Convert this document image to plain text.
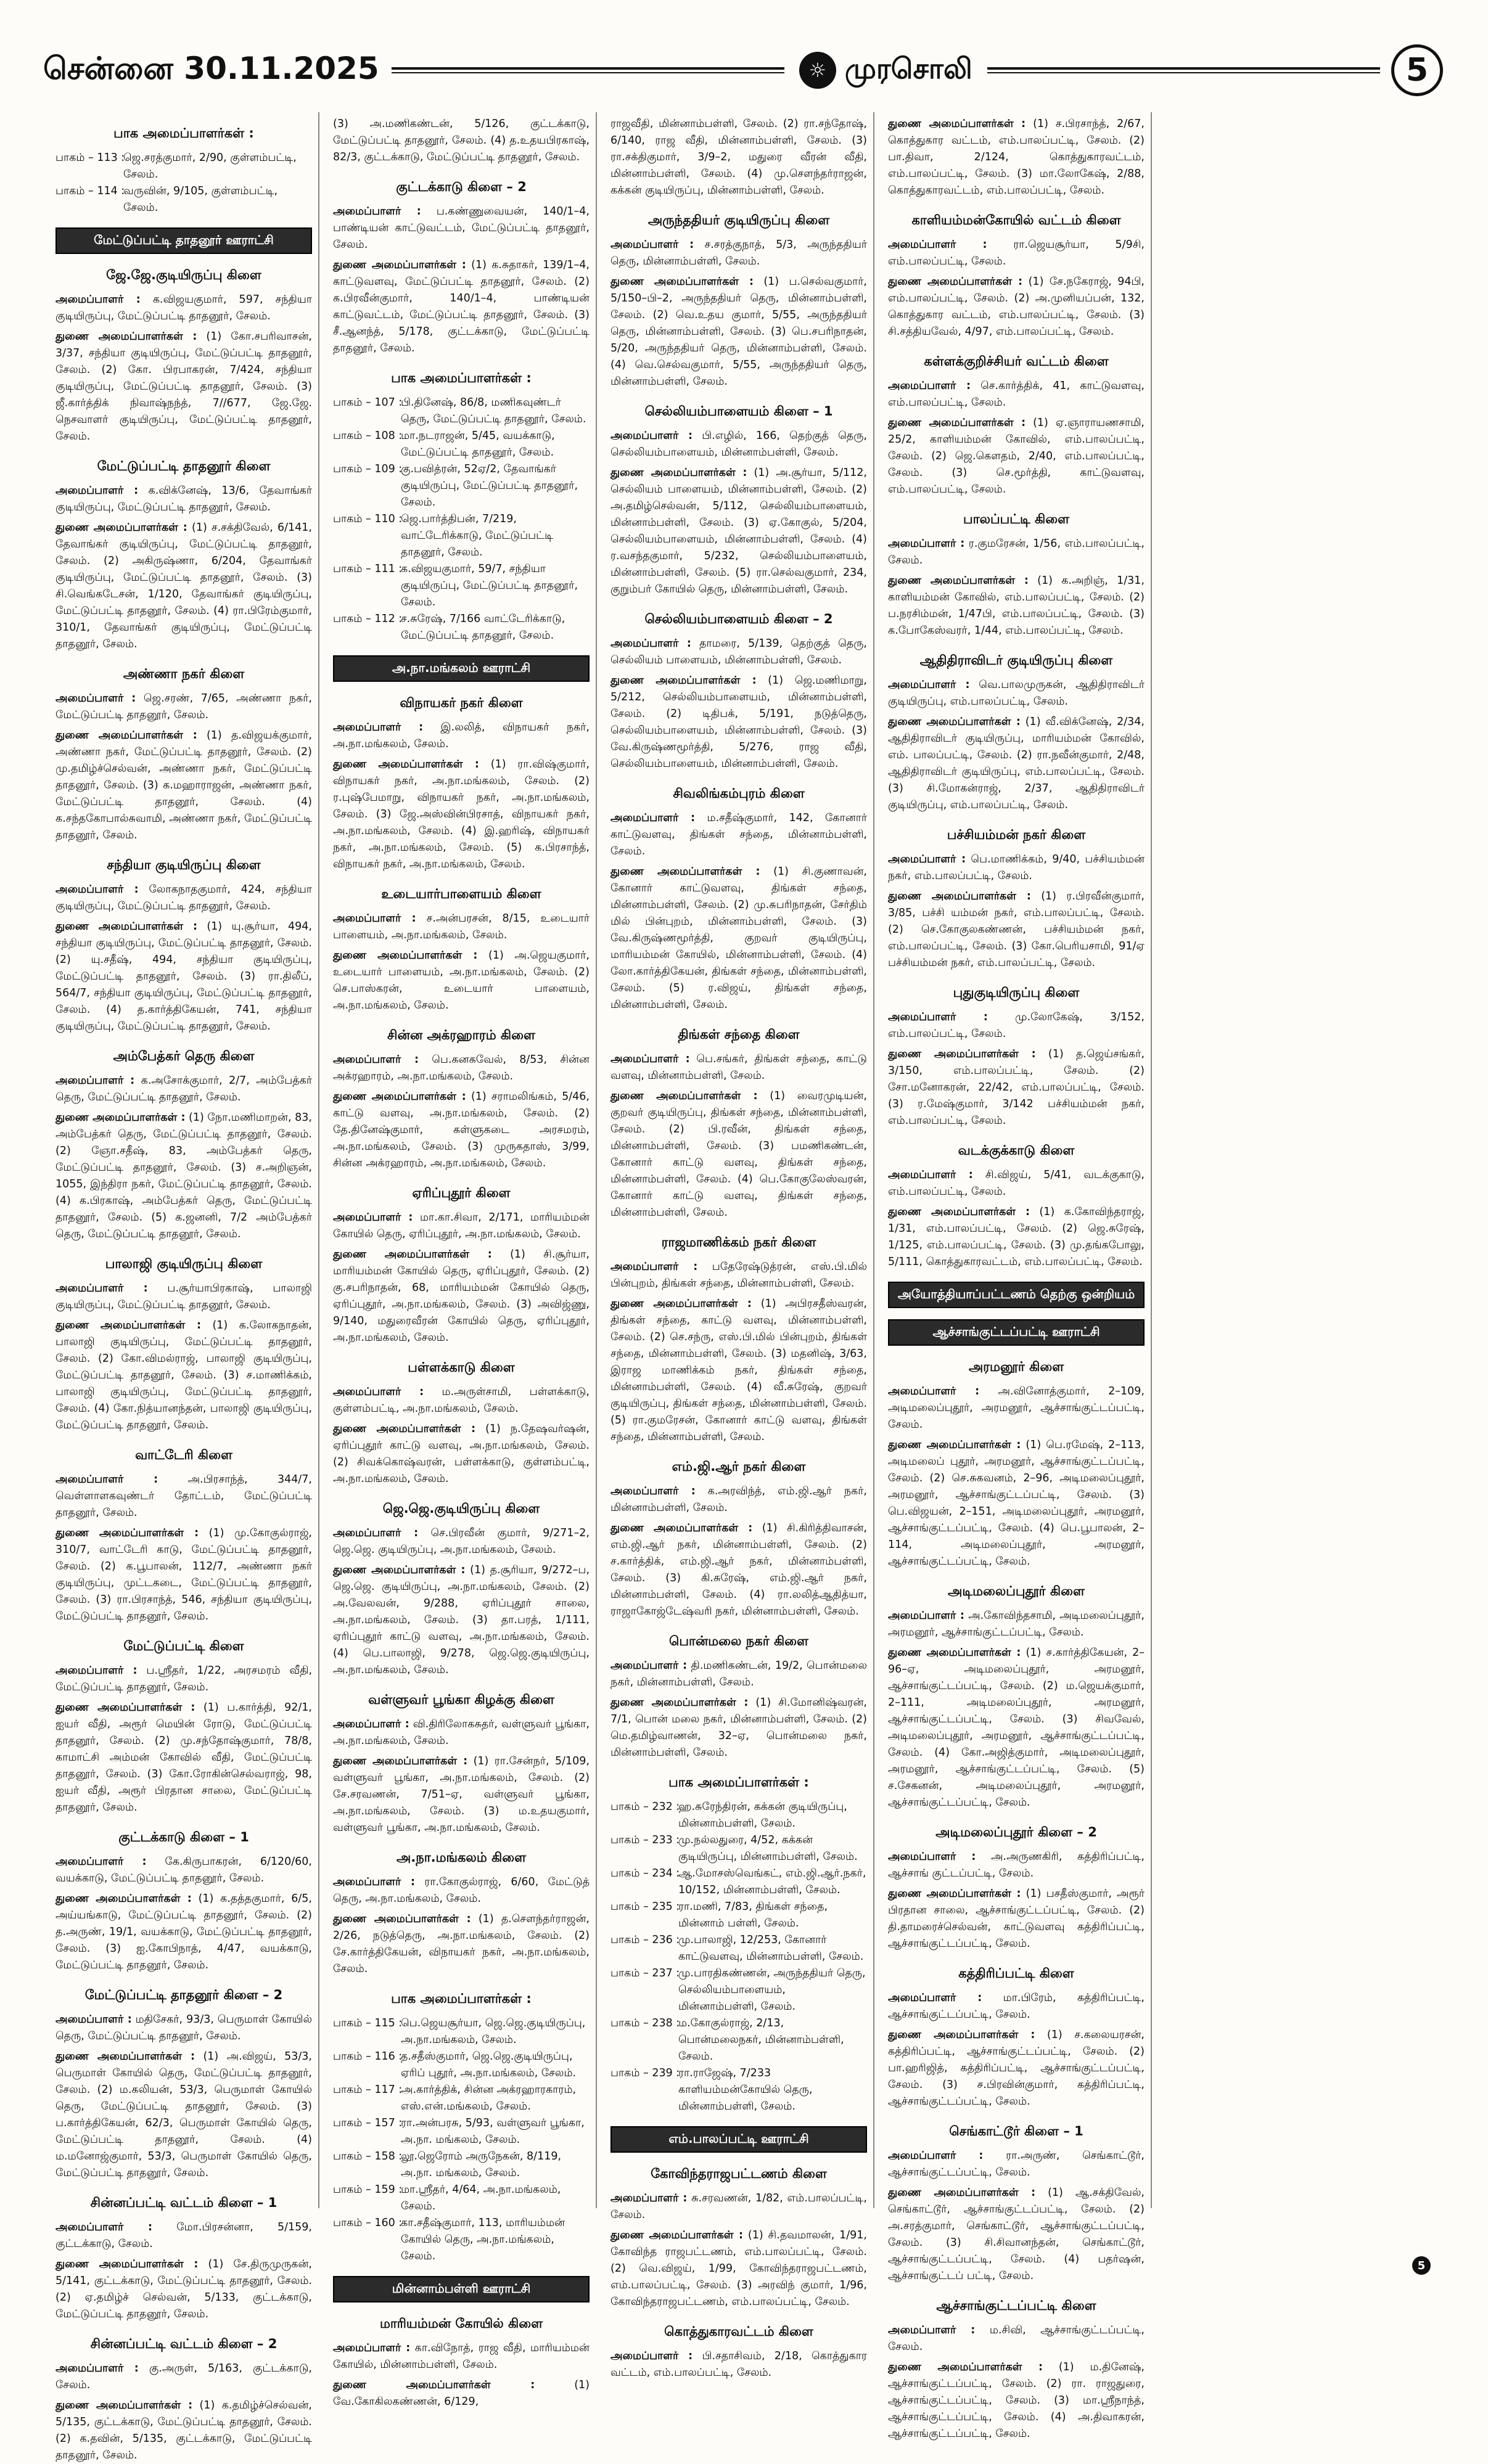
சென்னை 30.11.2025	☼ முரசொலி	5
பாக அமைப்பாளர்கள் :
பாகம் – 113 :
ஜெ.சரத்குமார், 2/90, குள்ளம்பட்டி, சேலம்.
பாகம் – 114 :
வருவின், 9/105, குள்ளம்பட்டி, சேலம்.
மேட்டுப்பட்டி தாதனூர் ஊராட்சி
ஜே.ஜே.குடியிருப்பு கிளை
அமைப்பாளர் : க.விஜயகுமார், 597, சந்தியா குடியிருப்பு, மேட்டுப்பட்டி தாதனூர், சேலம்.
துணை அமைப்பாளர்கள் : (1) கோ.சபரிவாசன், 3/37, சந்தியா குடியிருப்பு, மேட்டுப்பட்டி தாதனூர், சேலம். (2) கோ. பிரபாகரன், 7/424, சந்தியா குடியிருப்பு, மேட்டுப்பட்டி தாதனூர், சேலம். (3) ஜீ.கார்த்திக் நிவாஷ்நந்த், 7//677, ஜே.ஜே. நெசவாளர் குடியிருப்பு, மேட்டுப்பட்டி தாதனூர், சேலம்.
மேட்டுப்பட்டி தாதனூர் கிளை
அமைப்பாளர் : க.விக்னேஷ், 13/6, தேவாங்கர் குடியிருப்பு, மேட்டுப்பட்டி தாதனூர், சேலம்.
துணை அமைப்பாளர்கள் : (1) ச.சக்திவேல், 6/141, தேவாங்கர் குடியிருப்பு, மேட்டுப்பட்டி தாதனூர், சேலம். (2) அகிருஷ்ணா, 6/204, தேவாங்கர் குடியிருப்பு, மேட்டுப்பட்டி தாதனூர், சேலம். (3) சி.வெங்கடேசன், 1/120, தேவாங்கர் குடியிருப்பு, மேட்டுப்பட்டி தாதனூர், சேலம். (4) ரா.பிரேம்குமார், 310/1, தேவாங்கர் குடியிருப்பு, மேட்டுப்பட்டி தாதனூர், சேலம்.
அண்ணா நகர் கிளை
அமைப்பாளர் : ஜெ.சரண், 7/65, அண்ணா நகர், மேட்டுப்பட்டி தாதனூர், சேலம்.
துணை அமைப்பாளர்கள் : (1) த.விஜயக்குமார், அண்ணா நகர், மேட்டுப்பட்டி தாதனூர், சேலம். (2) மு.தமிழ்ச்செல்வன், அண்ணா நகர், மேட்டுப்பட்டி தாதனூர், சேலம். (3) க.மஹாராஜன், அண்ணா நகர், மேட்டுப்பட்டி தாதனூர், சேலம். (4) க.சந்தகோபால்சுவாமி, அண்ணா நகர், மேட்டுப்பட்டி தாதனூர், சேலம்.
சந்தியா குடியிருப்பு கிளை
அமைப்பாளர் : லோகநாதகுமார், 424, சந்தியா குடியிருப்பு, மேட்டுப்பட்டி தாதனூர், சேலம்.
துணை அமைப்பாளர்கள் : (1) யு.சூர்யா, 494, சந்தியா குடியிருப்பு, மேட்டுப்பட்டி தாதனூர், சேலம். (2) யு.சதீஷ், 494, சந்தியா குடியிருப்பு, மேட்டுப்பட்டி தாதனூர், சேலம். (3) ரா.திலீப், 564/7, சந்தியா குடியிருப்பு, மேட்டுப்பட்டி தாதனூர், சேலம். (4) த.கார்த்திகேயன், 741, சந்தியா குடியிருப்பு, மேட்டுப்பட்டி தாதனூர், சேலம்.
அம்பேத்கர் தெரு கிளை
அமைப்பாளர் : க.அசோக்குமார், 2/7, அம்பேத்கர் தெரு, மேட்டுப்பட்டி தாதனூர், சேலம்.
துணை அமைப்பாளர்கள் : (1) நோ.மணிமாறன், 83, அம்பேத்கர் தெரு, மேட்டுப்பட்டி தாதனூர், சேலம். (2) ஞோ.சதீஷ், 83, அம்பேத்கர் தெரு, மேட்டுப்பட்டி தாதனூர், சேலம். (3) ச.அறிஞன், 1055, இந்திரா நகர், மேட்டுப்பட்டி தாதனூர், சேலம். (4) க.பிரகாஷ், அம்பேத்கர் தெரு, மேட்டுப்பட்டி தாதனூர், சேலம். (5) க.ஜனனி, 7/2 அம்பேத்கர் தெரு, மேட்டுப்பட்டி தாதனூர், சேலம்.
பாலாஜி குடியிருப்பு கிளை
அமைப்பாளர் : ப.சூர்யாபிரகாஷ், பாலாஜி குடியிருப்பு, மேட்டுப்பட்டி தாதனூர், சேலம்.
துணை அமைப்பாளர்கள் : (1) க.லோகநாதன், பாலாஜி குடியிருப்பு, மேட்டுப்பட்டி தாதனூர், சேலம். (2) கோ.விமல்ராஜ், பாலாஜி குடியிருப்பு, மேட்டுப்பட்டி தாதனூர், சேலம். (3) ச.மாணிக்கம், பாலாஜி குடியிருப்பு, மேட்டுப்பட்டி தாதனூர், சேலம். (4) கோ.நித்யானந்தன், பாலாஜி குடியிருப்பு, மேட்டுப்பட்டி தாதனூர், சேலம்.
வாட்டேரி கிளை
அமைப்பாளர் :	அ.பிரசாந்த், 344/7, வெள்ளாளகவுண்டர் தோட்டம், மேட்டுப்பட்டி தாதனூர், சேலம்.
துணை அமைப்பாளர்கள் : (1) மு.கோகுல்ராஜ், 310/7, வாட்டேரி காடு, மேட்டுப்பட்டி தாதனூர், சேலம். (2) க.பூபாலன், 112/7, அண்ணா நகர் குடியிருப்பு, முட்டகடை, மேட்டுப்பட்டி தாதனூர், சேலம். (3) ரா.பிரசாந்த், 546, சந்தியா குடியிருப்பு, மேட்டுப்பட்டி தாதனூர், சேலம்.
மேட்டுப்பட்டி கிளை
அமைப்பாளர் : ப.ஸ்ரீதர், 1/22, அரசமரம் வீதி, மேட்டுப்பட்டி தாதனூர், சேலம்.
துணை அமைப்பாளர்கள் : (1) ப.கார்த்தி, 92/1, ஐயர் வீதி, அரூர் மெயின் ரோடு, மேட்டுப்பட்டி தாதனூர், சேலம். (2) மு.சந்தோஷ்குமார், 78/8, காமாட்சி அம்மன் கோவில் வீதி, மேட்டுப்பட்டி தாதனூர், சேலம். (3) கோ.ரோகின்செல்வராஜ், 98, ஐயர் வீதி, அரூர் பிரதான சாலை, மேட்டுப்பட்டி தாதனூர், சேலம்.
குட்டக்காடு கிளை – 1
அமைப்பாளர் : கே.கிருபாகரன், 6/120/60, வயக்காடு, மேட்டுப்பட்டி தாதனூர், சேலம்.
துணை அமைப்பாளர்கள் : (1) க.தத்தகுமார், 6/5, அய்யங்காடு, மேட்டுப்பட்டி தாதனூர், சேலம். (2) த.அருண், 19/1, வயக்காடு, மேட்டுப்பட்டி தாதனூர், சேலம். (3) ஐ.கோபிநாத், 4/47, வயக்காடு, மேட்டுப்பட்டி தாதனூர், சேலம்.
மேட்டுப்பட்டி தாதனூர் கிளை – 2
அமைப்பாளர் : மதிசேகர், 93/3, பெருமாள் கோயில் தெரு, மேட்டுப்பட்டி தாதனூர், சேலம்.
துணை அமைப்பாளர்கள் : (1) அ.விஜய், 53/3, பெருமாள் கோயில் தெரு, மேட்டுப்பட்டி தாதனூர், சேலம். (2) ம.கலியன், 53/3, பெருமாள் கோயில் தெரு, மேட்டுப்பட்டி தாதனூர், சேலம். (3) ப.கார்த்திகேயன், 62/3, பெருமாள் கோயில் தெரு, மேட்டுப்பட்டி தாதனூர், சேலம். (4) ம.மனோஜ்குமார், 53/3, பெருமாள் கோயில் தெரு, மேட்டுப்பட்டி தாதனூர், சேலம்.
சின்னப்பட்டி வட்டம் கிளை – 1
அமைப்பாளர் : மோ.பிரசன்னா, 5/159, குட்டக்காடு, சேலம்.
துணை அமைப்பாளர்கள் : (1) சே.திருமுருகன், 5/141, குட்டக்காடு, மேட்டுப்பட்டி தாதனூர், சேலம். (2) ஏ.தமிழ்ச் செல்வன், 5/133, குட்டக்காடு, மேட்டுப்பட்டி தாதனூர், சேலம்.
சின்னப்பட்டி வட்டம் கிளை – 2
அமைப்பாளர் : கு.அருள், 5/163, குட்டக்காடு, சேலம்.
துணை அமைப்பாளர்கள் : (1) க.தமிழ்ச்செல்வன், 5/135, குட்டக்காடு, மேட்டுப்பட்டி தாதனூர், சேலம். (2) க.தவின், 5/135, குட்டக்காடு, மேட்டுப்பட்டி தாதனூர், சேலம்.
(3) அ.மணிகண்டன், 5/126, குட்டக்காடு, மேட்டுப்பட்டி தாதனூர், சேலம். (4) த.உதயபிரகாஷ், 82/3, குட்டக்காடு, மேட்டுப்பட்டி தாதனூர், சேலம்.
குட்டக்காடு கிளை – 2
அமைப்பாளர் : ப.கண்ணுவையன், 140/1–4, பாண்டியன் காட்டுவட்டம், மேட்டுப்பட்டி தாதனூர், சேலம்.
துணை அமைப்பாளர்கள் : (1) க.சுதாகர், 139/1–4, காட்டுவளவு, மேட்டுப்பட்டி தாதனூர், சேலம். (2) க.பிரவீன்குமார், 140/1–4, பாண்டியன் காட்டுவட்டம், மேட்டுப்பட்டி தாதனூர், சேலம். (3) சீ.ஆனந்த், 5/178, குட்டக்காடு, மேட்டுப்பட்டி தாதனூர், சேலம்.
பாக அமைப்பாளர்கள் :
பாகம் – 107 :
பி.தினேஷ், 86/8, மணிகவுண்டர் தெரு, மேட்டுப்பட்டி தாதனூர், சேலம்.
பாகம் – 108 :
மா.நடராஜன், 5/45, வயக்காடு, மேட்டுப்பட்டி தாதனூர், சேலம்.
பாகம் – 109 :
கு.பவித்ரன், 52ஏ/2, தேவாங்கர் குடியிருப்பு, மேட்டுப்பட்டி தாதனூர், சேலம்.
பாகம் – 110 :
ஜெ.பார்த்திபன், 7/219, வாட்டேரிக்காடு, மேட்டுப்பட்டி தாதனூர், சேலம்.
பாகம் – 111 :
க.விஜயகுமார், 59/7, சந்தியா குடியிருப்பு, மேட்டுப்பட்டி தாதனூர், சேலம்.
பாகம் – 112 :
ச.சுரேஷ், 7/166 வாட்டேரிக்காடு, மேட்டுப்பட்டி தாதனூர், சேலம்.
அ.நா.மங்கலம் ஊராட்சி
விநாயகர் நகர் கிளை
அமைப்பாளர் : இ.லலித், விநாயகர் நகர், அ.நா.மங்கலம், சேலம்.
துணை அமைப்பாளர்கள் : (1) ரா.விஷ்குமார், விநாயகர் நகர், அ.நா.மங்கலம், சேலம். (2) ர.புஷ்பேமாறு, விநாயகர் நகர், அ.நா.மங்கலம், சேலம். (3) ஜே.அஸ்வின்பிரசாத், விநாயகர் நகர், அ.நா.மங்கலம், சேலம். (4) இ.ஹரிஷ், விநாயகர் நகர், அ.நா.மங்கலம், சேலம். (5) க.பிரசாந்த், விநாயகர் நகர், அ.நா.மங்கலம், சேலம்.
உடையார்பாளையம் கிளை
அமைப்பாளர் : ச.அன்பரசன், 8/15, உடையார் பாளையம், அ.நா.மங்கலம், சேலம்.
துணை அமைப்பாளர்கள் : (1) அ.ஜெயகுமார், உடையார் பாளையம், அ.நா.மங்கலம், சேலம். (2) செ.பாஸ்கரன், உடையார் பாளையம், அ.நா.மங்கலம், சேலம்.
சின்ன அக்ரஹாரம் கிளை
அமைப்பாளர் : பெ.கனகவேல், 8/53, சின்ன அக்ரஹாரம், அ.நா.மங்கலம், சேலம்.
துணை அமைப்பாளர்கள் : (1) சராமலிங்கம், 5/46, காட்டு வளவு, அ.நா.மங்கலம், சேலம். (2) தே.தினேஷ்குமார், கள்ளுகடை அரசமரம், அ.நா.மங்கலம், சேலம். (3) முருகதாஸ், 3/99, சின்ன அக்ரஹாரம், அ.நா.மங்கலம், சேலம்.
ஏரிப்புதூர் கிளை
அமைப்பாளர் : மா.கா.சிவா, 2/171, மாரியம்மன் கோயில் தெரு, ஏரிப்புதூர், அ.நா.மங்கலம், சேலம்.
துணை அமைப்பாளர்கள் : (1) சி.சூர்யா, மாரியம்மன் கோயில் தெரு, ஏரிப்புதூர், சேலம். (2) கு.சபரிநாதன், 68, மாரியம்மன் கோயில் தெரு, ஏரிப்புதூர், அ.நா.மங்கலம், சேலம். (3) அவிஜ்ணு, 9/140, மதுரைவீரன் கோயில் தெரு, ஏரிப்புதூர், அ.நா.மங்கலம், சேலம்.
பள்ளக்காடு கிளை
அமைப்பாளர் : ம.அருள்சாமி, பள்ளக்காடு, குள்ளம்பட்டி, அ.நா.மங்கலம், சேலம்.
துணை அமைப்பாளர்கள் : (1) ந.தேஷவர்ஷன், ஏரிப்புதூர் காட்டு வளவு, அ.நா.மங்கலம், சேலம். (2) சிவக்கொஷ்வரன், பள்ளக்காடு, குள்ளம்பட்டி, அ.நா.மங்கலம், சேலம்.
ஜெ.ஜெ.குடியிருப்பு கிளை
அமைப்பாளர் : செ.பிரவீன் குமார், 9/271–2, ஜெ.ஜெ. குடியிருப்பு, அ.நா.மங்கலம், சேலம்.
துணை அமைப்பாளர்கள் : (1) த.சூரியா, 9/272–ப, ஜெ.ஜெ. குடியிருப்பு, அ.நா.மங்கலம், சேலம். (2) அ.வேலவன், 9/288, ஏரிப்புதூர் சாலை, அ.நா.மங்கலம், சேலம். (3) தா.பரத், 1/111, ஏரிப்புதூர் காட்டு வளவு, அ.நா.மங்கலம், சேலம். (4) பெ.பாலாஜி, 9/278, ஜெ.ஜெ.குடியிருப்பு, அ.நா.மங்கலம், சேலம்.
வள்ளுவர் பூங்கா கிழக்கு கிளை
அமைப்பாளர் : வி.திரிலோகசுதர், வள்ளுவர் பூங்கா, அ.நா.மங்கலம், சேலம்.
துணை அமைப்பாளர்கள் : (1) ரா.சேன்நர், 5/109, வள்ளுவர் பூங்கா, அ.நா.மங்கலம், சேலம். (2) சே.சரவணன், 7/51–ஏ, வள்ளுவர் பூங்கா, அ.நா.மங்கலம், சேலம். (3) ம.உதயகுமார், வள்ளுவர் பூங்கா, அ.நா.மங்கலம், சேலம்.
அ.நா.மங்கலம் கிளை
அமைப்பாளர் : ரா.கோகுல்ராஜ், 6/60, மேட்டுத் தெரு, அ.நா.மங்கலம், சேலம்.
துணை அமைப்பாளர்கள் : (1) த.செளந்தர்ராஜன், 2/26, நடுத்தெரு, அ.நா.மங்கலம், சேலம். (2) சே.கார்த்திகேயன், விநாயகர் நகர், அ.நா.மங்கலம், சேலம்.
பாக அமைப்பாளர்கள் :
பாகம் – 115 :
பெ.ஜெயசூர்யா, ஜெ.ஜெ.குடியிருப்பு, அ.நா.மங்கலம், சேலம்.
பாகம் – 116 :
த.சதீஸ்குமார், ஜெ.ஜெ.குடியிருப்பு, ஏரிப் புதூர், அ.நா.மங்கலம், சேலம்.
பாகம் – 117 :
அ.கார்த்திக், சின்ன அக்ரஹாரகாரம், எஸ்.என்.மங்கலம், சேலம்.
பாகம் – 157 :
ரா.அன்பரசு, 5/93, வள்ளுவர் பூங்கா, அ.நா. மங்கலம், சேலம்.
பாகம் – 158 :
லூ.ஜெரோம் அருநேகன், 8/119, அ.நா. மங்கலம், சேலம்.
பாகம் – 159 :
மா.ஸ்ரீதர், 4/64, அ.நா.மங்கலம், சேலம்.
பாகம் – 160 :
கா.சதீஷ்குமார், 113, மாரியம்மன் கோயில் தெரு, அ.நா.மங்கலம், சேலம்.
மின்னாம்பள்ளி ஊராட்சி
மாரியம்மன் கோயில் கிளை
அமைப்பாளர் : கா.விநோத், ராஜ வீதி, மாரியம்மன் கோயில், மின்னாம்பள்ளி, சேலம்.
துணை அமைப்பாளர்கள் :	(1) வே.கோகிலகண்ணன், 6/129,
ராஜவீதி, மின்னாம்பள்ளி, சேலம். (2) ரா.சந்தோஷ், 6/140, ராஜ வீதி, மின்னாம்பள்ளி, சேலம். (3) ரா.சக்திகுமார், 3/9–2, மதுரை வீரன் வீதி, மின்னாம்பள்ளி, சேலம். (4) மு.செளந்தர்ராஜன், கக்கன் குடியிருப்பு, மின்னாம்பள்ளி, சேலம்.
அருந்ததியர் குடியிருப்பு கிளை
அமைப்பாளர் : ச.சரத்குநாத், 5/3, அருந்ததியர் தெரு, மின்னாம்பள்ளி, சேலம்.
துணை அமைப்பாளர்கள் : (1) ப.செல்வகுமார், 5/150–பி–2, அருந்ததியர் தெரு, மின்னாம்பள்ளி, சேலம். (2) வெ.உதய குமார், 5/55, அருந்ததியர் தெரு, மின்னாம்பள்ளி, சேலம். (3) பெ.சபரிநாதன், 5/20, அருந்ததியர் தெரு, மின்னாம்பள்ளி, சேலம். (4) வெ.செல்வகுமார், 5/55, அருந்ததியர் தெரு, மின்னாம்பள்ளி, சேலம்.
செல்லியம்பாளையம் கிளை – 1
அமைப்பாளர் : பி.எழில், 166, தெற்குத் தெரு, செல்லியம்பாளையம், மின்னாம்பள்ளி, சேலம்.
துணை அமைப்பாளர்கள் : (1) அ.சூர்யா, 5/112, செல்லியம் பாளையம், மின்னாம்பள்ளி, சேலம். (2) அ.தமிழ்செல்வன், 5/112, செல்லியம்பாளையம், மின்னாம்பள்ளி, சேலம். (3) ஏ.கோகுல், 5/204, செல்லியம்பாளையம், மின்னாம்பள்ளி, சேலம். (4) ர.வசந்தகுமார், 5/232, செல்லியம்பாளையம், மின்னாம்பள்ளி, சேலம். (5) ரா.செல்வகுமார், 234, குறும்பர் கோயில் தெரு, மின்னாம்பள்ளி, சேலம்.
செல்லியம்பாளையம் கிளை – 2
அமைப்பாளர் : தாமரை, 5/139, தெற்குத் தெரு, செல்லியம் பாளையம், மின்னாம்பள்ளி, சேலம்.
துணை அமைப்பாளர்கள் : (1) ஜெ.மணிமாறு, 5/212, செல்லியம்பாளையம், மின்னாம்பள்ளி, சேலம். (2) டிதிபக், 5/191, நடுத்தெரு, செல்லியம்பாளையம், மின்னாம்பள்ளி, சேலம். (3) வே.கிருஷ்ணமூர்த்தி, 5/276, ராஜ வீதி, செல்லியம்பாளையம், மின்னாம்பள்ளி, சேலம்.
சிவலிங்கம்புரம் கிளை
அமைப்பாளர் : ம.சதீஷ்குமார், 142, கோனார் காட்டுவளவு, திங்கள் சந்தை, மின்னாம்பள்ளி, சேலம்.
துணை அமைப்பாளர்கள் : (1) சி.குணாவன், கோனார் காட்டுவளவு, திங்கள் சந்தை, மின்னாம்பள்ளி, சேலம். (2) மு.சுபரிநாதன், சேர்திம் மில் பின்புறம், மின்னாம்பள்ளி, சேலம். (3) வே.கிருஷ்ணமூர்த்தி, குறவர் குடியிருப்பு, மாரியம்மன் கோயில், மின்னாம்பள்ளி, சேலம். (4) லோ.கார்த்திகேயன், திங்கள் சந்தை, மின்னாம்பள்ளி, சேலம். (5) ர.விஜய், திங்கள் சந்தை, மின்னாம்பள்ளி, சேலம்.
திங்கள் சந்தை கிளை
அமைப்பாளர் : பெ.சங்கர், திங்கள் சந்தை, காட்டு வளவு, மின்னாம்பள்ளி, சேலம்.
துணை அமைப்பாளர்கள் : (1) வைரமுடியன், குறவர் குடியிருப்பு, திங்கள் சந்தை, மின்னாம்பள்ளி, சேலம். (2) பி.ரவீன், திங்கள் சந்தை, மின்னாம்பள்ளி, சேலம். (3) பமணிகண்டன், கோனார் காட்டு வளவு, திங்கள் சந்தை, மின்னாம்பள்ளி, சேலம். (4) பெ.கோகுலேஸ்வரன், கோனார் காட்டு வளவு, திங்கள் சந்தை, மின்னாம்பள்ளி, சேலம்.
ராஜமாணிக்கம் நகர் கிளை
அமைப்பாளர் : பதேரேஷ்டுத்ரன், எஸ்.பி.மில் பின்புறம், திங்கள் சந்தை, மின்னாம்பள்ளி, சேலம்.
துணை அமைப்பாளர்கள் : (1) அபிரசதீஸ்வரன், திங்கள் சந்தை, காட்டு வளவு, மின்னாம்பள்ளி, சேலம். (2) செ.சந்ரு, எஸ்.பி.மில் பின்புறம், திங்கள் சந்தை, மின்னாம்பள்ளி, சேலம். (3) மதனிஷ், 3/63, இராஜ மாணிக்கம் நகர், திங்கள் சந்தை, மின்னாம்பள்ளி, சேலம். (4) வீ.சுரேஷ், குறவர் குடியிருப்பு, திங்கள் சந்தை, மின்னாம்பள்ளி, சேலம். (5) ரா.குமரேசன், கோனார் காட்டு வளவு, திங்கள் சந்தை, மின்னாம்பள்ளி, சேலம்.
எம்.ஜி.ஆர் நகர் கிளை
அமைப்பாளர் : க.அரவிந்த், எம்.ஜி.ஆர் நகர், மின்னாம்பள்ளி, சேலம்.
துணை அமைப்பாளர்கள் : (1) சி.கிரித்திவாசன், எம்.ஜி.ஆர் நகர், மின்னாம்பள்ளி, சேலம். (2) ச.கார்த்திக், எம்.ஜி.ஆர் நகர், மின்னாம்பள்ளி, சேலம். (3) கி.சுரேஷ், எம்.ஜி.ஆர் நகர், மின்னாம்பள்ளி, சேலம். (4) ரா.லலித்ஆதித்யா, ராஜாகோஜ்டேஷ்வரி நகர், மின்னாம்பள்ளி, சேலம்.
பொன்மலை நகர் கிளை
அமைப்பாளர் : தி.மணிகண்டன், 19/2, பொன்மலை நகர், மின்னாம்பள்ளி, சேலம்.
துணை அமைப்பாளர்கள் : (1) சி.மோனிஷ்வரன், 7/1, பொன் மலை நகர், மின்னாம்பள்ளி, சேலம். (2) மெ.தமிழ்வாணன், 32–ஏ, பொன்மலை நகர், மின்னாம்பள்ளி, சேலம்.
பாக அமைப்பாளர்கள் :
பாகம் – 232 :
ஹ.சுரேந்திரன், கக்கன் குடியிருப்பு, மின்னாம்பள்ளி, சேலம்.
பாகம் – 233 :
மு.நல்லதுரை, 4/52, கக்கன் குடியிருப்பு, மின்னாம்பள்ளி, சேலம்.
பாகம் – 234 :
ஆ.மோசஸ்வெங்கட், எம்.ஜி.ஆர்.நகர், 10/152, மின்னாம்பள்ளி, சேலம்.
பாகம் – 235 :
ரா.மணி, 7/83, திங்கள் சந்தை, மின்னாம் பள்ளி, சேலம்.
பாகம் – 236 :
மு.பாலாஜி, 12/253, கோனார் காட்டுவளவு, மின்னாம்பள்ளி, சேலம்.
பாகம் – 237 :
மு.பாரதிகண்ணன், அருந்ததியர் தெரு, செல்லியம்பாளையம், மின்னாம்பள்ளி, சேலம்.
பாகம் – 238 :
ம.கோகுல்ராஜ், 2/13, பொன்மலைநகர், மின்னாம்பள்ளி, சேலம்.
பாகம் – 239 :
ரா.ராஜேஷ், 7/233 காளியம்மன்கோயில் தெரு, மின்னாம்பள்ளி, சேலம்.
எம்.பாலப்பட்டி ஊராட்சி
கோவிந்தராஜபட்டணம் கிளை
அமைப்பாளர் : சு.சரவணன், 1/82, எம்.பாலப்பட்டி, சேலம்.
துணை அமைப்பாளர்கள் : (1) சி.தவமாலன், 1/91, கோவிந்த ராஜபட்டணம், எம்.பாலப்பட்டி, சேலம். (2) வெ.விஜய், 1/99, கோவிந்தராஜபட்டணம், எம்.பாலப்பட்டி, சேலம். (3) அரவிந் குமார், 1/96, கோவிந்தராஜபட்டணம், எம்.பாலப்பட்டி, சேலம்.
கொத்துகாரவட்டம் கிளை
அமைப்பாளர் : பி.சதாசிவம், 2/18, கொத்துகார வட்டம், எம்.பாலப்பட்டி, சேலம்.
துணை அமைப்பாளர்கள் : (1) ச.பிரசாந்த், 2/67, கொத்துகார வட்டம், எம்.பாலப்பட்டி, சேலம். (2) பா.திவா, 2/124, கொத்துகாரவட்டம், எம்.பாலப்பட்டி, சேலம். (3) மா.லோகேஷ், 2/88, கொத்துகாரவட்டம், எம்.பாலப்பட்டி, சேலம்.
காளியம்மன்கோயில் வட்டம் கிளை
அமைப்பாளர் : ரா.ஜெயசூர்யா, 5/9சி, எம்.பாலப்பட்டி, சேலம்.
துணை அமைப்பாளர்கள் : (1) சே.நகேராஜ், 94பி, எம்.பாலப்பட்டி, சேலம். (2) அ.முனியப்பன், 132, கொத்துகார வட்டம், எம்.பாலப்பட்டி, சேலம். (3) சி.சத்தியவேல், 4/97, எம்.பாலப்பட்டி, சேலம்.
கள்ளக்குறிச்சியர் வட்டம் கிளை
அமைப்பாளர் : செ.கார்த்திக், 41, காட்டுவளவு, எம்.பாலப்பட்டி, சேலம்.
துணை அமைப்பாளர்கள் : (1) ஏ.ஞாராயணசாமி, 25/2, காளியம்மன் கோவில், எம்.பாலப்பட்டி, சேலம். (2) ஜெ.கௌதம், 2/40, எம்.பாலப்பட்டி, சேலம். (3) செ.மூர்த்தி, காட்டுவளவு, எம்.பாலப்பட்டி, சேலம்.
பாலப்பட்டி கிளை
அமைப்பாளர் : ர.குமரேசன், 1/56, எம்.பாலப்பட்டி, சேலம்.
துணை அமைப்பாளர்கள் : (1) க.அறிஞ், 1/31, காளியம்மன் கோவில், எம்.பாலப்பட்டி, சேலம். (2) ப.நரசிம்மன், 1/47பி, எம்.பாலப்பட்டி, சேலம். (3) க.போகேஸ்வரர், 1/44, எம்.பாலப்பட்டி, சேலம்.
ஆதிதிராவிடர் குடியிருப்பு கிளை
அமைப்பாளர் : வெ.பாலமுருகன், ஆதிதிராவிடர் குடியிருப்பு, எம்.பாலப்பட்டி, சேலம்.
துணை அமைப்பாளர்கள் : (1) வீ.விக்னேஷ், 2/34, ஆதிதிராவிடர் குடியிருப்பு, மாரியம்மன் கோவில், எம். பாலப்பட்டி, சேலம். (2) ரா.நவீன்குமார், 2/48, ஆதிதிராவிடர் குடியிருப்பு, எம்.பாலப்பட்டி, சேலம். (3) சி.மோகன்ராஜ், 2/37, ஆதிதிராவிடர் குடியிருப்பு, எம்.பாலப்பட்டி, சேலம்.
பச்சியம்மன் நகர் கிளை
அமைப்பாளர் : பெ.மாணிக்கம், 9/40, பச்சியம்மன் நகர், எம்.பாலப்பட்டி, சேலம்.
துணை அமைப்பாளர்கள் : (1) ர.பிரவீன்குமார், 3/85, பச்சி யம்மன் நகர், எம்.பாலப்பட்டி, சேலம். (2) செ.கோகுலகண்ணன், பச்சியம்மன் நகர், எம்.பாலப்பட்டி, சேலம். (3) கோ.பெரியசாமி, 91/ஏ பச்சியம்மன் நகர், எம்.பாலப்பட்டி, சேலம்.
புதுகுடியிருப்பு கிளை
அமைப்பாளர் :	மு.லோகேஷ், 3/152, எம்.பாலப்பட்டி, சேலம்.
துணை அமைப்பாளர்கள் : (1) த.ஜெய்சங்கர், 3/150, எம்.பாலப்பட்டி, சேலம். (2) சோ.மனோகரன், 22/42, எம்.பாலப்பட்டி, சேலம். (3) ர.மேஷ்குமார், 3/142 பச்சியம்மன் நகர், எம்.பாலப்பட்டி, சேலம்.
வடக்குக்காடு கிளை
அமைப்பாளர் : சி.விஜய், 5/41, வடக்குகாடு, எம்.பாலப்பட்டி, சேலம்.
துணை அமைப்பாளர்கள் : (1) க.கோவிந்தராஜ், 1/31, எம்.பாலப்பட்டி, சேலம். (2) ஜெ.சுரேஷ், 1/125, எம்.பாலப்பட்டி, சேலம். (3) மு.தங்கபோலு, 5/111, கொத்துகாரவட்டம், எம்.பாலப்பட்டி, சேலம்.
அயோத்தியாப்பட்டணம் தெற்கு ஒன்றியம்
ஆச்சாங்குட்டப்பட்டி ஊராட்சி
அரமனூர் கிளை
அமைப்பாளர் : அ.வினோத்குமார், 2–109, அடிமலைப்புதூர், அரமனூர், ஆச்சாங்குட்டப்பட்டி, சேலம்.
துணை அமைப்பாளர்கள் : (1) பெ.ரமேஷ், 2–113, அடிமலைப் புதூர், அரமனூர், ஆச்சாங்குட்டப்பட்டி, சேலம். (2) செ.சுகவனம், 2–96, அடிமலைப்புதூர், அரமனூர், ஆச்சாங்குட்டப்பட்டி, சேலம். (3) பெ.விஜயன், 2–151, அடிமலைப்புதூர், அரமனூர், ஆச்சாங்குட்டப்பட்டி, சேலம். (4) பெ.பூபாலன், 2–114, அடிமலைப்புதூர், அரமனூர், ஆச்சாங்குட்டப்பட்டி, சேலம்.
அடிமலைப்புதூர் கிளை
அமைப்பாளர் : அ.கோவிந்தசாமி, அடிமலைப்புதூர், அரமனூர், ஆச்சாங்குட்டப்பட்டி, சேலம்.
துணை அமைப்பாளர்கள் : (1) ச.கார்த்திகேயன், 2–96–ஏ, அடிமலைப்புதூர், அரமனூர், ஆச்சாங்குட்டப்பட்டி, சேலம். (2) ம.ஜெயக்குமார், 2–111, அடிமலைப்புதூர், அரமனூர், ஆச்சாங்குட்டப்பட்டி, சேலம். (3) சிவவேல், அடிமலைப்புதூர், அரமனூர், ஆச்சாங்குட்டப்பட்டி, சேலம். (4) கோ.அஜித்குமார், அடிமலைப்புதூர், அரமனூர், ஆச்சாங்குட்டப்பட்டி, சேலம். (5) ச.சேகனன், அடிமலைப்புதூர், அரமனூர், ஆச்சாங்குட்டப்பட்டி, சேலம்.
அடிமலைப்புதூர் கிளை – 2
அமைப்பாளர் : அ.அருணகிரி, கத்திரிப்பட்டி, ஆச்சாங் குட்டப்பட்டி, சேலம்.
துணை அமைப்பாளர்கள் : (1) பசதீஸ்குமார், அரூர் பிரதான சாலை, ஆச்சாங்குட்டப்பட்டி, சேலம். (2) தி.தாமரைச்செல்வன், காட்டுவளவு கத்திரிப்பட்டி, ஆச்சாங்குட்டப்பட்டி, சேலம்.
கத்திரிப்பட்டி கிளை
அமைப்பாளர் : மா.பிரேம், கத்திரிப்பட்டி, ஆச்சாங்குட்டப்பட்டி, சேலம்.
துணை அமைப்பாளர்கள் : (1) ச.கலையரசன், கத்திரிப்பட்டி, ஆச்சாங்குட்டப்பட்டி, சேலம். (2) பா.ஹரிஜித், கத்திரிப்பட்டி, ஆச்சாங்குட்டப்பட்டி, சேலம். (3) ச.பிரவின்குமார், கத்திரிப்பட்டி, ஆச்சாங்குட்டப்பட்டி, சேலம்.
செங்காட்டூர் கிளை – 1
அமைப்பாளர் : ரா.அருண், செங்காட்டூர், ஆச்சாங்குட்டப்பட்டி, சேலம்.
துணை அமைப்பாளர்கள் : (1) ஆ.சக்திவேல், செங்காட்டூர், ஆச்சாங்குட்டப்பட்டி, சேலம். (2) அ.சரத்குமார், செங்காட்டூர், ஆச்சாங்குட்டப்பட்டி, சேலம். (3) சி.சிவானந்தன், செங்காட்டூர், ஆச்சாங்குட்டப்பட்டி, சேலம். (4) பதர்ஷன், ஆச்சாங்குட்டப் பட்டி, சேலம்.
ஆச்சாங்குட்டப்பட்டி கிளை
அமைப்பாளர் : ம.சிவி, ஆச்சாங்குட்டப்பட்டி, சேலம்.
துணை அமைப்பாளர்கள் : (1) ம.தினேஷ், ஆச்சாங்குட்டப்பட்டி, சேலம். (2) ரா. ராஜதுரை, ஆச்சாங்குட்டப்பட்டி, சேலம். (3) மா.ஸ்ரீநாந்த், ஆச்சாங்குட்டப்பட்டி, சேலம். (4) அ.திவாகரன், ஆச்சாங்குட்டப்பட்டி, சேலம்.
5
